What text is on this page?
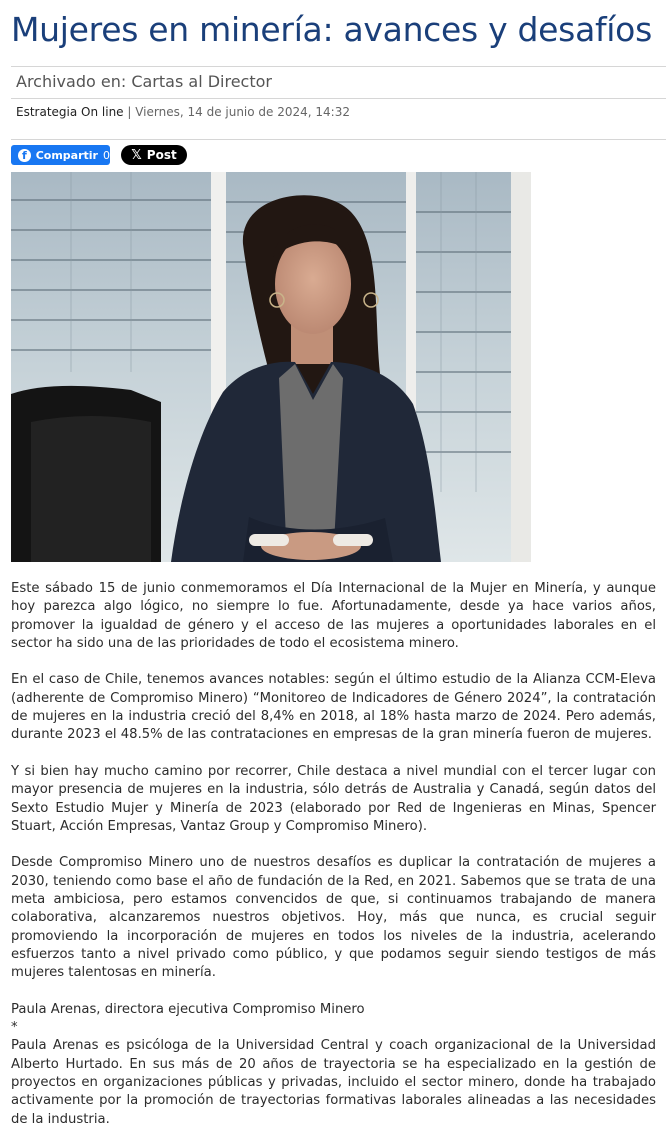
Mujeres en minería: avances y desafíos
Archivado en: Cartas al Director
Estrategia On line | Viernes, 14 de junio de 2024, 14:32
f Compartir 0 𝕏 Post

Este sábado 15 de junio conmemoramos el Día Internacional de la Mujer en Minería, y aunque hoy parezca algo lógico, no siempre lo fue. Afortunadamente, desde ya hace varios años, promover la igualdad de género y el acceso de las mujeres a oportunidades laborales en el sector ha sido una de las prioridades de todo el ecosistema minero.

En el caso de Chile, tenemos avances notables: según el último estudio de la Alianza CCM-Eleva (adherente de Compromiso Minero) “Monitoreo de Indicadores de Género 2024”, la contratación de mujeres en la industria creció del 8,4% en 2018, al 18% hasta marzo de 2024. Pero además, durante 2023 el 48.5% de las contrataciones en empresas de la gran minería fueron de mujeres.

Y si bien hay mucho camino por recorrer, Chile destaca a nivel mundial con el tercer lugar con mayor presencia de mujeres en la industria, sólo detrás de Australia y Canadá, según datos del Sexto Estudio Mujer y Minería de 2023 (elaborado por Red de Ingenieras en Minas, Spencer Stuart, Acción Empresas, Vantaz Group y Compromiso Minero).

Desde Compromiso Minero uno de nuestros desafíos es duplicar la contratación de mujeres a 2030, teniendo como base el año de fundación de la Red, en 2021. Sabemos que se trata de una meta ambiciosa, pero estamos convencidos de que, si continuamos trabajando de manera colaborativa, alcanzaremos nuestros objetivos. Hoy, más que nunca, es crucial seguir promoviendo la incorporación de mujeres en todos los niveles de la industria, acelerando esfuerzos tanto a nivel privado como público, y que podamos seguir siendo testigos de más mujeres talentosas en minería.

Paula Arenas, directora ejecutiva Compromiso Minero

*

Paula Arenas es psicóloga de la Universidad Central y coach organizacional de la Universidad Alberto Hurtado. En sus más de 20 años de trayectoria se ha especializado en la gestión de proyectos en organizaciones públicas y privadas, incluido el sector minero, donde ha trabajado activamente por la promoción de trayectorias formativas laborales alineadas a las necesidades de la industria.
